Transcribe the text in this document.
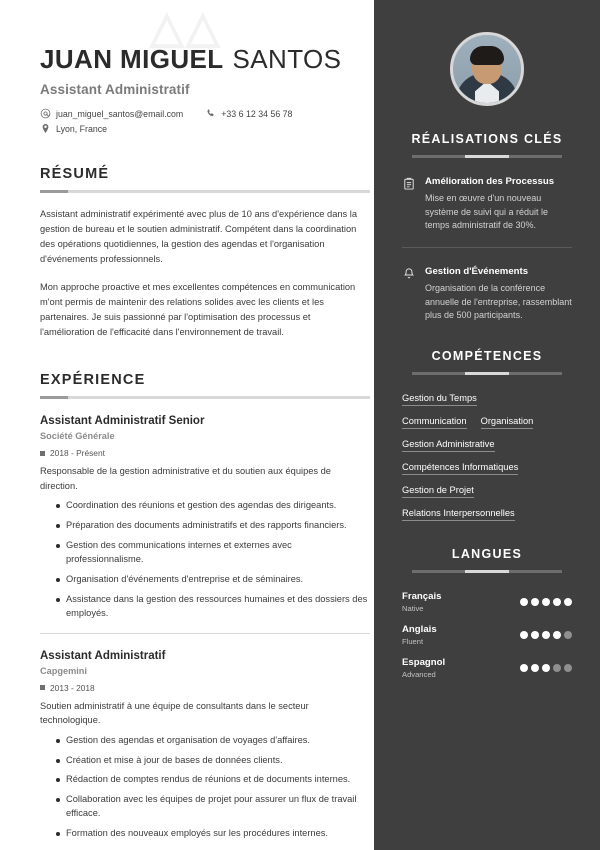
△△
JUAN MIGUEL SANTOS
Assistant Administratif
juan_miguel_santos@email.com	+33 6 12 34 56 78
Lyon, France
RÉSUMÉ

Assistant administratif expérimenté avec plus de 10 ans d'expérience dans la gestion de bureau et le soutien administratif. Compétent dans la coordination des opérations quotidiennes, la gestion des agendas et l'organisation d'événements professionnels.

Mon approche proactive et mes excellentes compétences en communication m'ont permis de maintenir des relations solides avec les clients et les partenaires. Je suis passionné par l'optimisation des processus et l'amélioration de l'efficacité dans l'environnement de travail.

EXPÉRIENCE
Assistant Administratif Senior
Société Générale
2018 - Présent
Responsable de la gestion administrative et du soutien aux équipes de direction.
Coordination des réunions et gestion des agendas des dirigeants.
Préparation des documents administratifs et des rapports financiers.
Gestion des communications internes et externes avec professionnalisme.
Organisation d'événements d'entreprise et de séminaires.
Assistance dans la gestion des ressources humaines et des dossiers des employés.
Assistant Administratif
Capgemini
2013 - 2018
Soutien administratif à une équipe de consultants dans le secteur technologique.
Gestion des agendas et organisation de voyages d'affaires.
Création et mise à jour de bases de données clients.
Rédaction de comptes rendus de réunions et de documents internes.
Collaboration avec les équipes de projet pour assurer un flux de travail efficace.
Formation des nouveaux employés sur les procédures internes.
RÉALISATIONS CLÉS
Amélioration des Processus
Mise en œuvre d'un nouveau système de suivi qui a réduit le temps administratif de 30%.
Gestion d'Événements
Organisation de la conférence annuelle de l'entreprise, rassemblant plus de 500 participants.
COMPÉTENCES
Gestion du Temps
Communication Organisation
Gestion Administrative
Compétences Informatiques
Gestion de Projet
Relations Interpersonnelles
LANGUES
Français
Native
Anglais
Fluent
Espagnol
Advanced
